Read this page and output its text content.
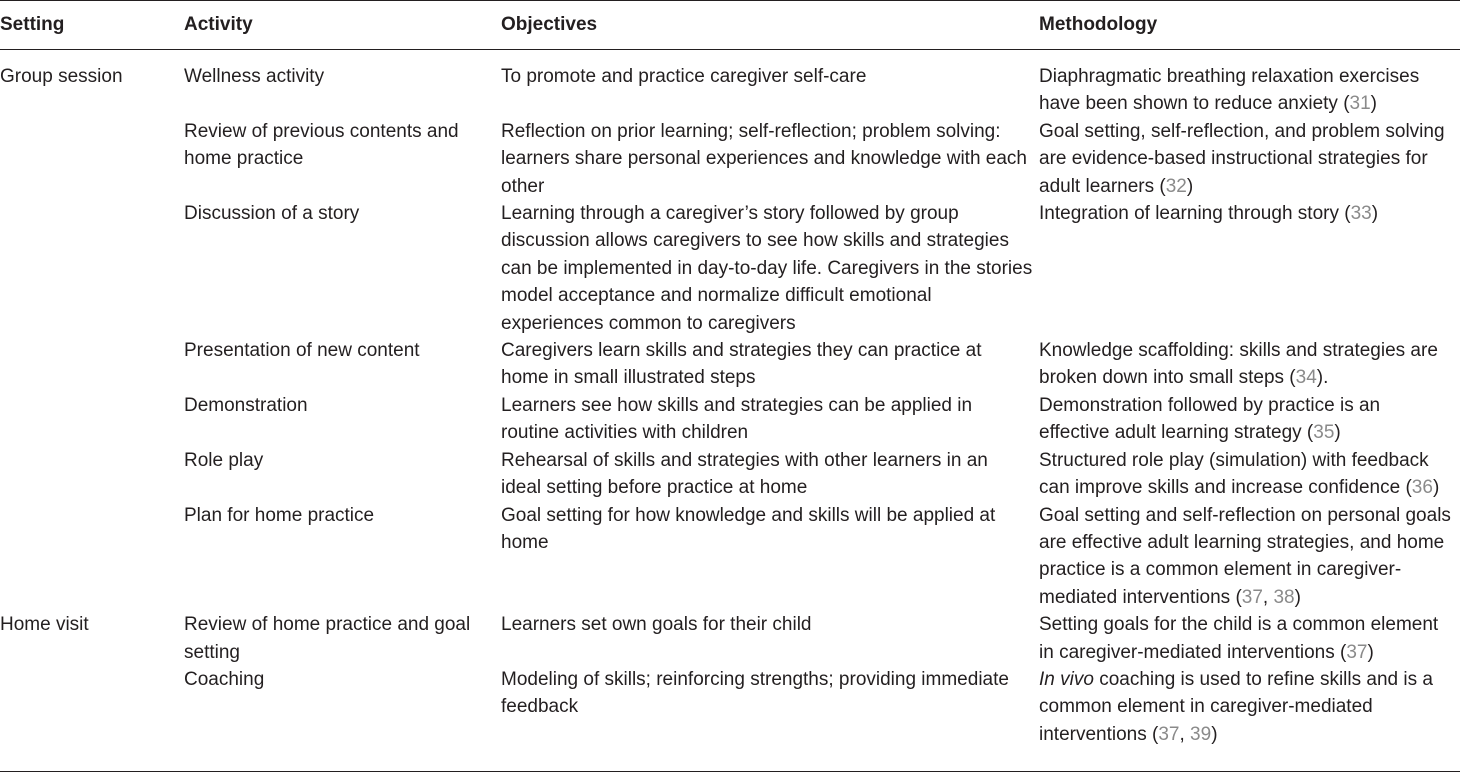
Setting	Activity	Objectives	Methodology

Group session	Wellness activity	To promote and practice caregiver self-care	Diaphragmatic breathing relaxation exercises have been shown to reduce anxiety (31)

	Review of previous contents and home practice	Reflection on prior learning; self-reflection; problem solving: learners share personal experiences and knowledge with each other	Goal setting, self-reflection, and problem solving are evidence-based instructional strategies for adult learners (32)

	Discussion of a story	Learning through a caregiver’s story followed by group discussion allows caregivers to see how skills and strategies can be implemented in day-to-day life. Caregivers in the stories model acceptance and normalize difficult emotional experiences common to caregivers	Integration of learning through story (33)

	Presentation of new content	Caregivers learn skills and strategies they can practice at home in small illustrated steps	Knowledge scaffolding: skills and strategies are broken down into small steps (34).

	Demonstration	Learners see how skills and strategies can be applied in routine activities with children	Demonstration followed by practice is an effective adult learning strategy (35)

	Role play	Rehearsal of skills and strategies with other learners in an ideal setting before practice at home	Structured role play (simulation) with feedback can improve skills and increase confidence (36)

	Plan for home practice	Goal setting for how knowledge and skills will be applied at home	Goal setting and self-reflection on personal goals are effective adult learning strategies, and home practice is a common element in caregiver-mediated interventions (37, 38)

Home visit	Review of home practice and goal setting	Learners set own goals for their child	Setting goals for the child is a common element in caregiver-mediated interventions (37)

	Coaching	Modeling of skills; reinforcing strengths; providing immediate feedback	In vivo coaching is used to refine skills and is a common element in caregiver-mediated interventions (37, 39)
